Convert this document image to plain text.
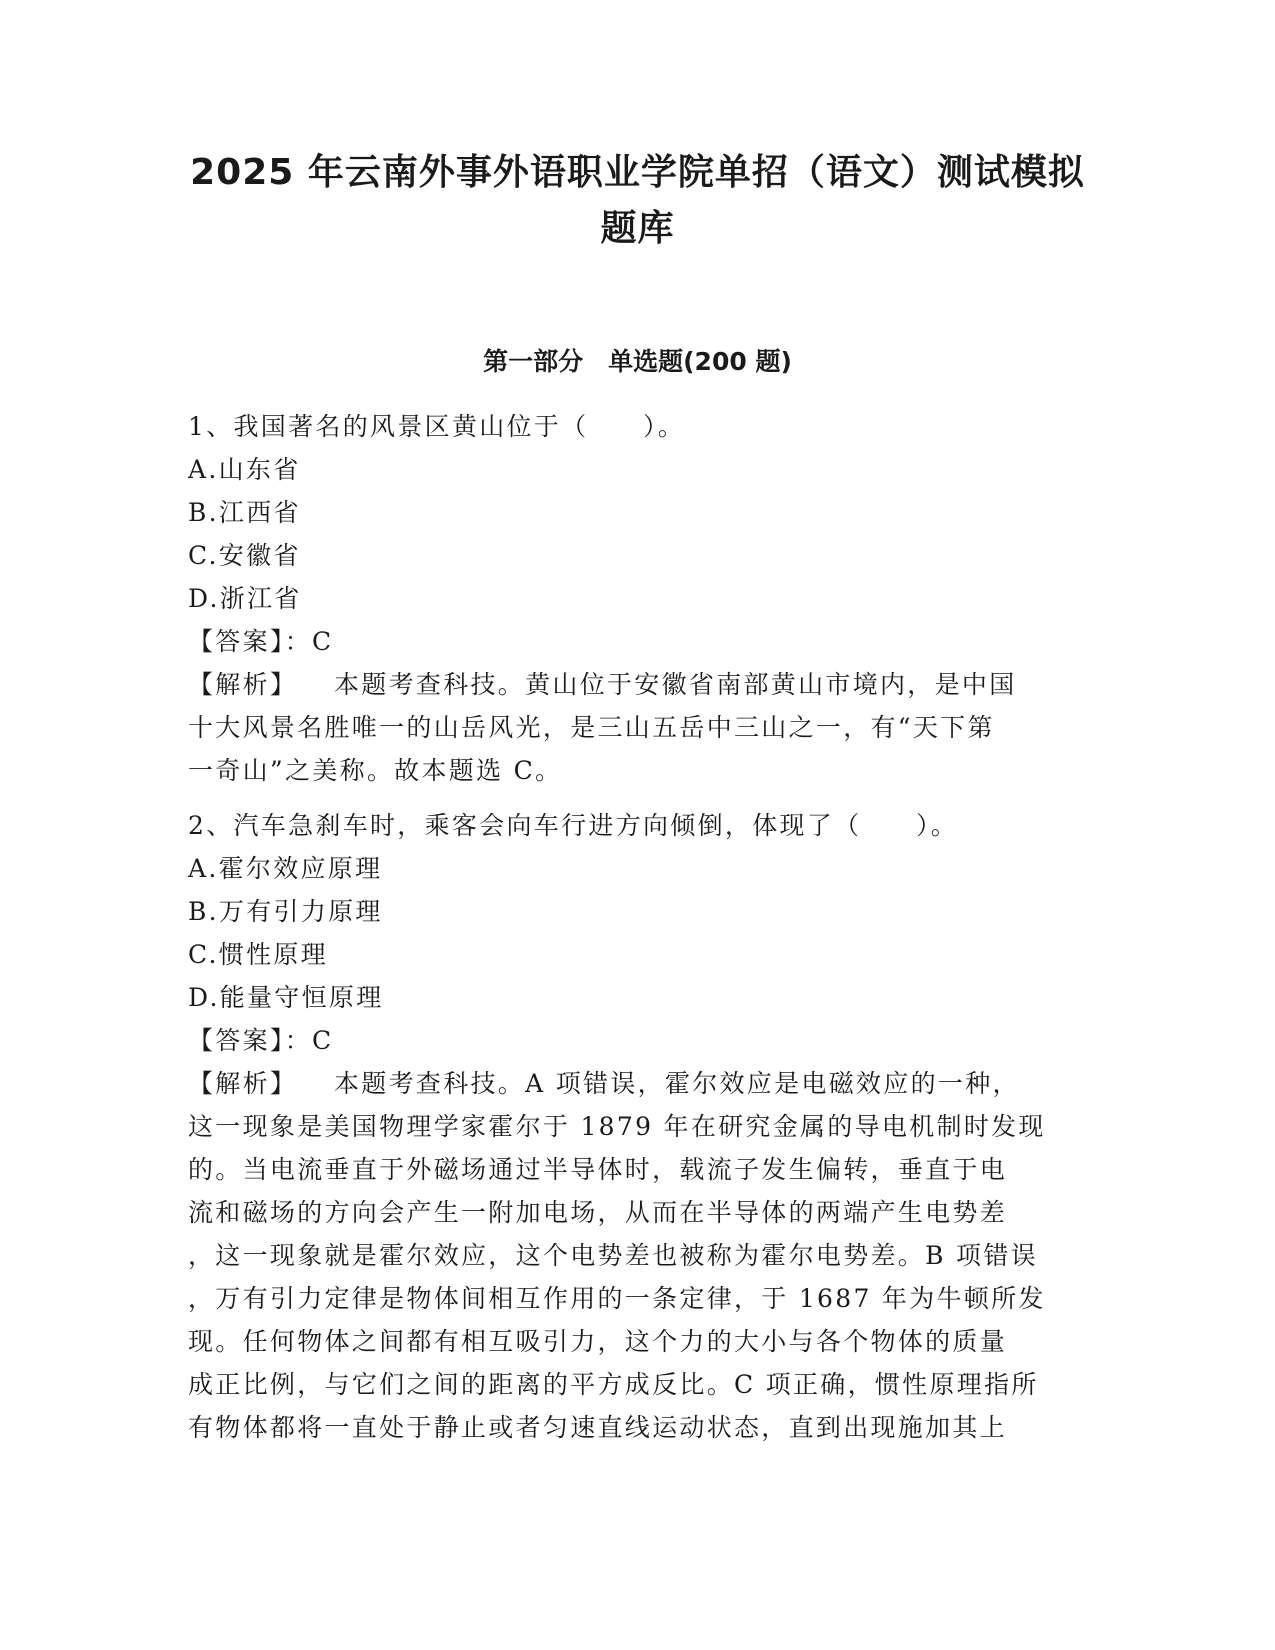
2025 年云南外事外语职业学院单招（语文）测试模拟
题库
第一部分　单选题(200 题)
1、我国著名的风景区黄山位于（　　）。
A.山东省
B.江西省
C.安徽省
D.浙江省
【答案】：C
【解析】 本题考查科技。黄山位于安徽省南部黄山市境内，是中国
十大风景名胜唯一的山岳风光，是三山五岳中三山之一，有“天下第
一奇山”之美称。故本题选 C。
2、汽车急刹车时，乘客会向车行进方向倾倒，体现了（　　）。
A.霍尔效应原理
B.万有引力原理
C.惯性原理
D.能量守恒原理
【答案】：C
【解析】 本题考查科技。A 项错误，霍尔效应是电磁效应的一种，
这一现象是美国物理学家霍尔于 1879 年在研究金属的导电机制时发现
的。当电流垂直于外磁场通过半导体时，载流子发生偏转，垂直于电
流和磁场的方向会产生一附加电场，从而在半导体的两端产生电势差
，这一现象就是霍尔效应，这个电势差也被称为霍尔电势差。B 项错误
，万有引力定律是物体间相互作用的一条定律，于 1687 年为牛顿所发
现。任何物体之间都有相互吸引力，这个力的大小与各个物体的质量
成正比例，与它们之间的距离的平方成反比。C 项正确，惯性原理指所
有物体都将一直处于静止或者匀速直线运动状态，直到出现施加其上
